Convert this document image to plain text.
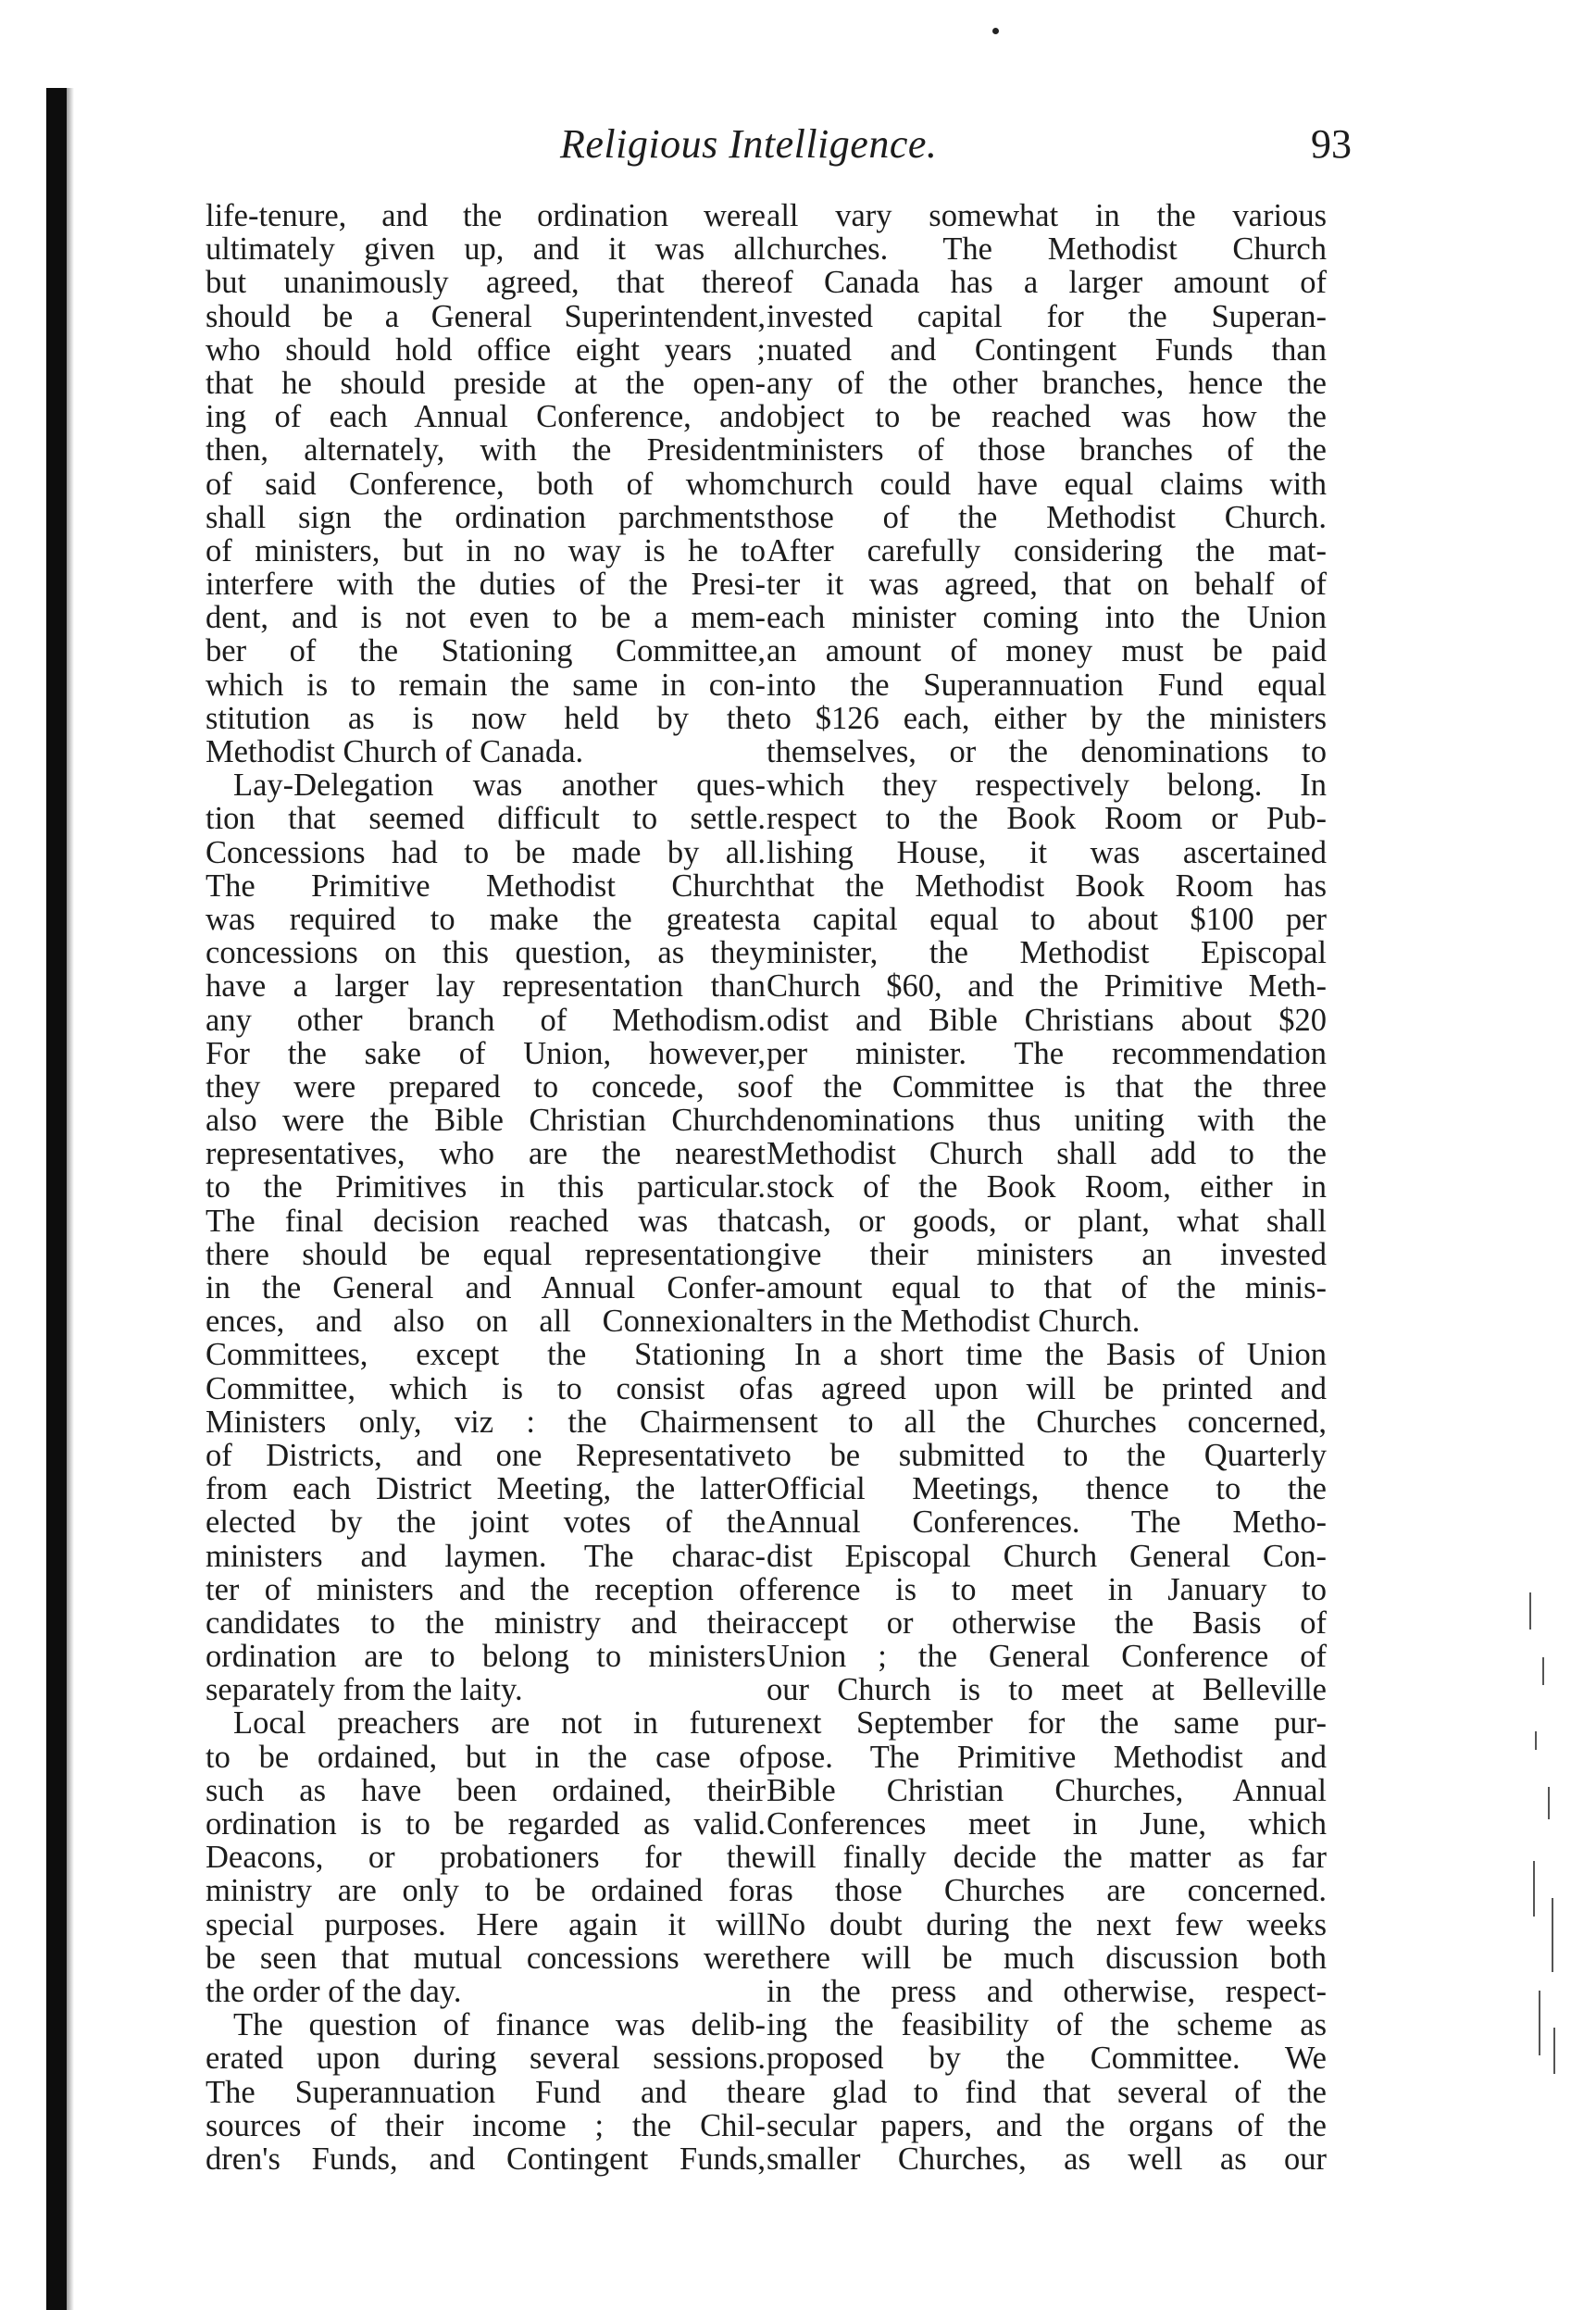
Religious Intelligence.	93
life-tenure, and the ordination were
ultimately given up, and it was all
but unanimously agreed, that there
should be a General Superintendent,
who should hold office eight years ;
that he should preside at the open-
ing of each Annual Conference, and
then, alternately, with the President
of said Conference, both of whom
shall sign the ordination parchments
of ministers, but in no way is he to
interfere with the duties of the Presi-
dent, and is not even to be a mem-
ber of the Stationing Committee,
which is to remain the same in con-
stitution as is now held by the
Methodist Church of Canada.
Lay-Delegation was another ques-
tion that seemed difficult to settle.
Concessions had to be made by all.
The Primitive Methodist Church
was required to make the greatest
concessions on this question, as they
have a larger lay representation than
any other branch of Methodism.
For the sake of Union, however,
they were prepared to concede, so
also were the Bible Christian Church
representatives, who are the nearest
to the Primitives in this particular.
The final decision reached was that
there should be equal representation
in the General and Annual Confer-
ences, and also on all Connexional
Committees, except the Stationing
Committee, which is to consist of
Ministers only, viz : the Chairmen
of Districts, and one Representative
from each District Meeting, the latter
elected by the joint votes of the
ministers and laymen. The charac-
ter of ministers and the reception of
candidates to the ministry and their
ordination are to belong to ministers
separately from the laity.
Local preachers are not in future
to be ordained, but in the case of
such as have been ordained, their
ordination is to be regarded as valid.
Deacons, or probationers for the
ministry are only to be ordained for
special purposes. Here again it will
be seen that mutual concessions were
the order of the day.
The question of finance was delib-
erated upon during several sessions.
The Superannuation Fund and the
sources of their income ; the Chil-
dren's Funds, and Contingent Funds,
all vary somewhat in the various
churches. The Methodist Church
of Canada has a larger amount of
invested capital for the Superan-
nuated and Contingent Funds than
any of the other branches, hence the
object to be reached was how the
ministers of those branches of the
church could have equal claims with
those of the Methodist Church.
After carefully considering the mat-
ter it was agreed, that on behalf of
each minister coming into the Union
an amount of money must be paid
into the Superannuation Fund equal
to $126 each, either by the ministers
themselves, or the denominations to
which they respectively belong. In
respect to the Book Room or Pub-
lishing House, it was ascertained
that the Methodist Book Room has
a capital equal to about $100 per
minister, the Methodist Episcopal
Church $60, and the Primitive Meth-
odist and Bible Christians about $20
per minister. The recommendation
of the Committee is that the three
denominations thus uniting with the
Methodist Church shall add to the
stock of the Book Room, either in
cash, or goods, or plant, what shall
give their ministers an invested
amount equal to that of the minis-
ters in the Methodist Church.
In a short time the Basis of Union
as agreed upon will be printed and
sent to all the Churches concerned,
to be submitted to the Quarterly
Official Meetings, thence to the
Annual Conferences. The Metho-
dist Episcopal Church General Con-
ference is to meet in January to
accept or otherwise the Basis of
Union ; the General Conference of
our Church is to meet at Belleville
next September for the same pur-
pose. The Primitive Methodist and
Bible Christian Churches, Annual
Conferences meet in June, which
will finally decide the matter as far
as those Churches are concerned.
No doubt during the next few weeks
there will be much discussion both
in the press and otherwise, respect-
ing the feasibility of the scheme as
proposed by the Committee. We
are glad to find that several of the
secular papers, and the organs of the
smaller Churches, as well as our
